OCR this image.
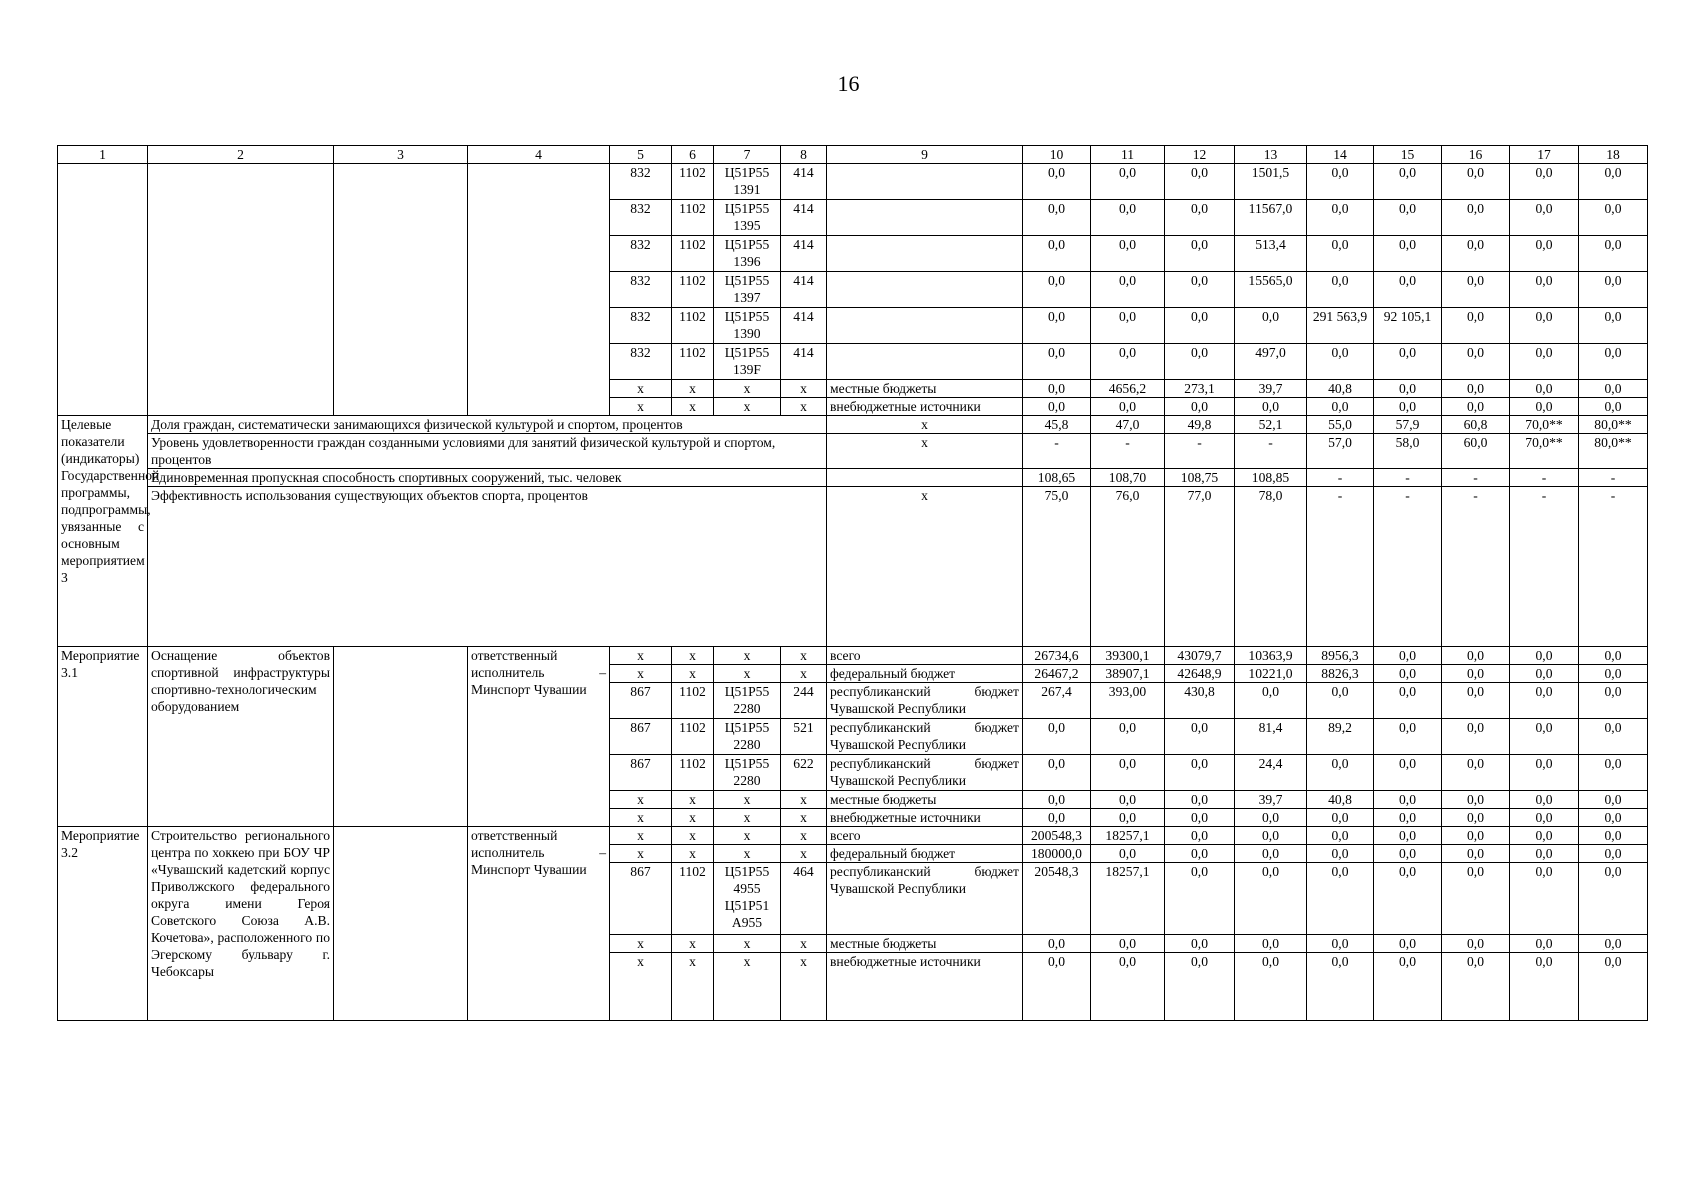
16
1	2	3	4	5	6	7	8	9	10	11	12	13	14	15	16	17	18
				832	1102	Ц51Р55 1391	414		0,0	0,0	0,0	1501,5	0,0	0,0	0,0	0,0	0,0
				832	1102	Ц51Р55 1395	414		0,0	0,0	0,0	11567,0	0,0	0,0	0,0	0,0	0,0
				832	1102	Ц51Р55 1396	414		0,0	0,0	0,0	513,4	0,0	0,0	0,0	0,0	0,0
				832	1102	Ц51Р55 1397	414		0,0	0,0	0,0	15565,0	0,0	0,0	0,0	0,0	0,0
				832	1102	Ц51Р55 1390	414		0,0	0,0	0,0	0,0	291 563,9	92 105,1	0,0	0,0	0,0
				832	1102	Ц51Р55 139F	414		0,0	0,0	0,0	497,0	0,0	0,0	0,0	0,0	0,0
				х	х	х	х	местные бюджеты	0,0	4656,2	273,1	39,7	40,8	0,0	0,0	0,0	0,0
				х	х	х	х	внебюджетные источники	0,0	0,0	0,0	0,0	0,0	0,0	0,0	0,0	0,0
Целевые показатели (индикаторы) Государственной программы, подпрограммы, увязанные с основным мероприятием 3	Доля граждан, систематически занимающихся физической культурой и спортом, процентов							х	45,8	47,0	49,8	52,1	55,0	57,9	60,8	70,0**	80,0**
	Уровень удовлетворенности граждан созданными условиями для занятий физической культурой и спортом, процентов							х	-	-	-	-	57,0	58,0	60,0	70,0**	80,0**
	Единовременная пропускная способность спортивных сооружений, тыс. человек								108,65	108,70	108,75	108,85	-	-	-	-	-
	Эффективность использования существующих объектов спорта, процентов							х	75,0	76,0	77,0	78,0	-	-	-	-	-
Мероприятие 3.1	Оснащение объектов спортивной инфраструктуры спортивно-технологическим оборудованием		ответственный исполнитель – Минспорт Чувашии	х	х	х	х	всего	26734,6	39300,1	43079,7	10363,9	8956,3	0,0	0,0	0,0	0,0
				х	х	х	х	федеральный бюджет	26467,2	38907,1	42648,9	10221,0	8826,3	0,0	0,0	0,0	0,0
				867	1102	Ц51Р55 2280	244	республиканский бюджет Чувашской Республики	267,4	393,00	430,8	0,0	0,0	0,0	0,0	0,0	0,0
				867	1102	Ц51Р55 2280	521	республиканский бюджет Чувашской Республики	0,0	0,0	0,0	81,4	89,2	0,0	0,0	0,0	0,0
				867	1102	Ц51Р55 2280	622	республиканский бюджет Чувашской Республики	0,0	0,0	0,0	24,4	0,0	0,0	0,0	0,0	0,0
				х	х	х	х	местные бюджеты	0,0	0,0	0,0	39,7	40,8	0,0	0,0	0,0	0,0
				х	х	х	х	внебюджетные источники	0,0	0,0	0,0	0,0	0,0	0,0	0,0	0,0	0,0
Мероприятие 3.2	Строительство регионального центра по хоккею при БОУ ЧР «Чувашский кадетский корпус Приволжского федерального округа имени Героя Советского Союза А.В. Кочетова», расположенного по Эгерскому бульвару г. Чебоксары		ответственный исполнитель – Минспорт Чувашии	х	х	х	х	всего	200548,3	18257,1	0,0	0,0	0,0	0,0	0,0	0,0	0,0
				х	х	х	х	федеральный бюджет	180000,0	0,0	0,0	0,0	0,0	0,0	0,0	0,0	0,0
				867	1102	Ц51Р55 4955 Ц51Р51 А955	464	республиканский бюджет Чувашской Республики	20548,3	18257,1	0,0	0,0	0,0	0,0	0,0	0,0	0,0
				х	х	х	х	местные бюджеты	0,0	0,0	0,0	0,0	0,0	0,0	0,0	0,0	0,0
				х	х	х	х	внебюджетные источники	0,0	0,0	0,0	0,0	0,0	0,0	0,0	0,0	0,0
